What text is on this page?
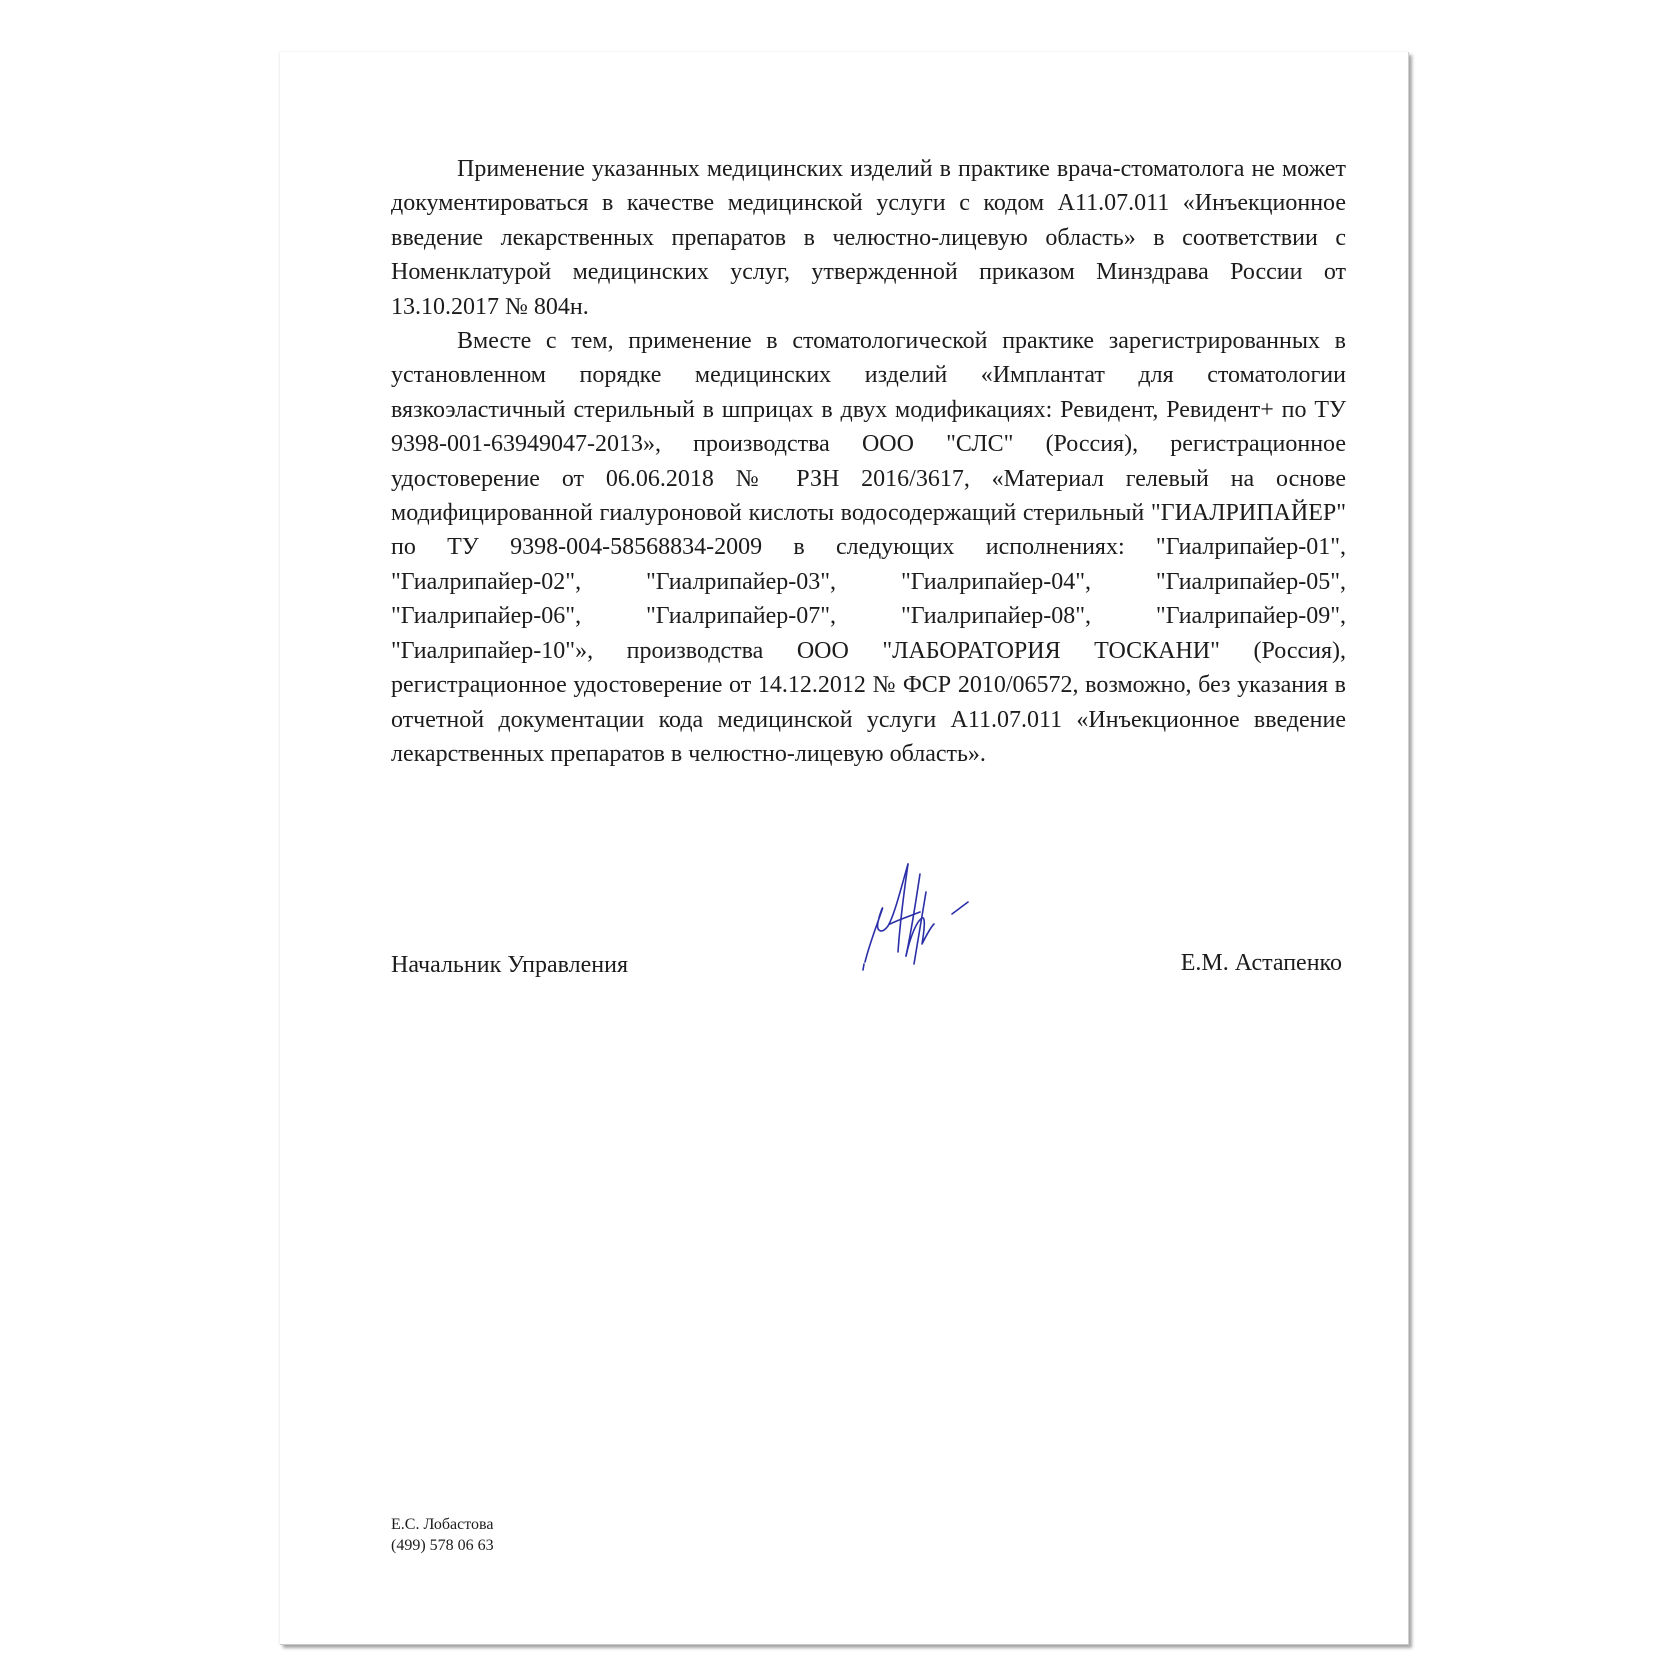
Применение указанных медицинских изделий в практике врача-стоматолога не может документироваться в качестве медицинской услуги с кодом А11.07.011 «Инъекционное введение лекарственных препаратов в челюстно-лицевую область» в соответствии с Номенклатурой медицинских услуг, утвержденной приказом Минздрава России от 13.10.2017 № 804н.

Вместе с тем, применение в стоматологической практике зарегистрированных в установленном порядке медицинских изделий «Имплантат для стоматологии вязкоэластичный стерильный в шприцах в двух модификациях: Ревидент, Ревидент+ по ТУ 9398-001-63949047-2013», производства ООО "СЛС" (Россия), регистрационное удостоверение от 06.06.2018 № РЗН 2016/3617, «Материал гелевый на основе модифицированной гиалуроновой кислоты водосодержащий стерильный "ГИАЛРИПАЙЕР" по ТУ 9398-004-58568834-2009 в следующих исполнениях: "Гиалрипайер-01", "Гиалрипайер-02", "Гиалрипайер-03", "Гиалрипайер-04", "Гиалрипайер-05", "Гиалрипайер-06", "Гиалрипайер-07", "Гиалрипайер-08", "Гиалрипайер-09", "Гиалрипайер-10"», производства ООО "ЛАБОРАТОРИЯ ТОСКАНИ" (Россия), регистрационное удостоверение от 14.12.2012 № ФСР 2010/06572, возможно, без указания в отчетной документации кода медицинской услуги А11.07.011 «Инъекционное введение лекарственных препаратов в челюстно-лицевую область».

Начальник Управления	Е.М. Астапенко
Е.С. Лобастова
(499) 578 06 63
